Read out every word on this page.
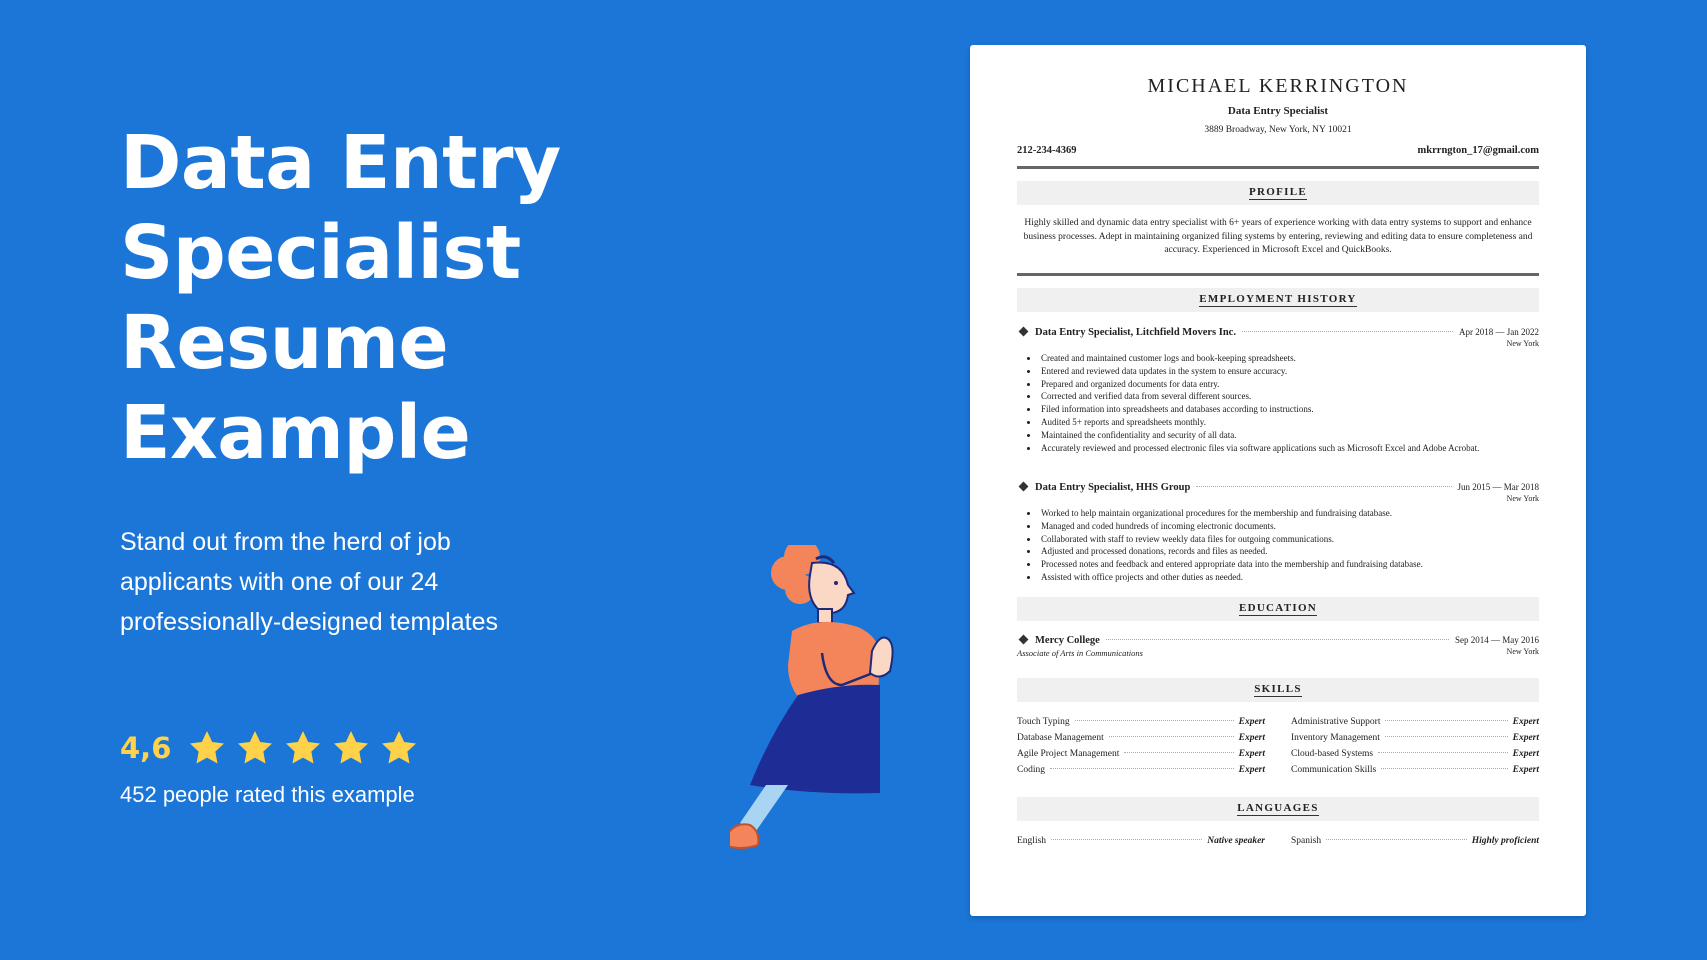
Data Entry
Specialist Resume
Example
Stand out from the herd of job
applicants with one of our 24
professionally-designed templates
4,6
452 people rated this example
MICHAEL KERRINGTON
Data Entry Specialist
3889 Broadway, New York, NY 10021
212-234-4369	mkrrngton_17@gmail.com
PROFILE
Highly skilled and dynamic data entry specialist with 6+ years of experience working with data entry systems to support and enhance business processes. Adept in maintaining organized filing systems by entering, reviewing and editing data to ensure completeness and accuracy. Experienced in Microsoft Excel and QuickBooks.
EMPLOYMENT HISTORY
Data Entry Specialist, Litchfield Movers Inc.	Apr 2018 — Jan 2022
New York
• Created and maintained customer logs and book-keeping spreadsheets.
• Entered and reviewed data updates in the system to ensure accuracy.
• Prepared and organized documents for data entry.
• Corrected and verified data from several different sources.
• Filed information into spreadsheets and databases according to instructions.
• Audited 5+ reports and spreadsheets monthly.
• Maintained the confidentiality and security of all data.
• Accurately reviewed and processed electronic files via software applications such as Microsoft Excel and Adobe Acrobat.
Data Entry Specialist, HHS Group	Jun 2015 — Mar 2018
New York
• Worked to help maintain organizational procedures for the membership and fundraising database.
• Managed and coded hundreds of incoming electronic documents.
• Collaborated with staff to review weekly data files for outgoing communications.
• Adjusted and processed donations, records and files as needed.
• Processed notes and feedback and entered appropriate data into the membership and fundraising database.
• Assisted with office projects and other duties as needed.
EDUCATION
Mercy College	Sep 2014 — May 2016
New York
Associate of Arts in Communications
SKILLS
Touch Typing	Expert	Administrative Support	Expert
Database Management	Expert	Inventory Management	Expert
Agile Project Management	Expert	Cloud-based Systems	Expert
Coding	Expert	Communication Skills	Expert
LANGUAGES
English	Native speaker	Spanish	Highly proficient
